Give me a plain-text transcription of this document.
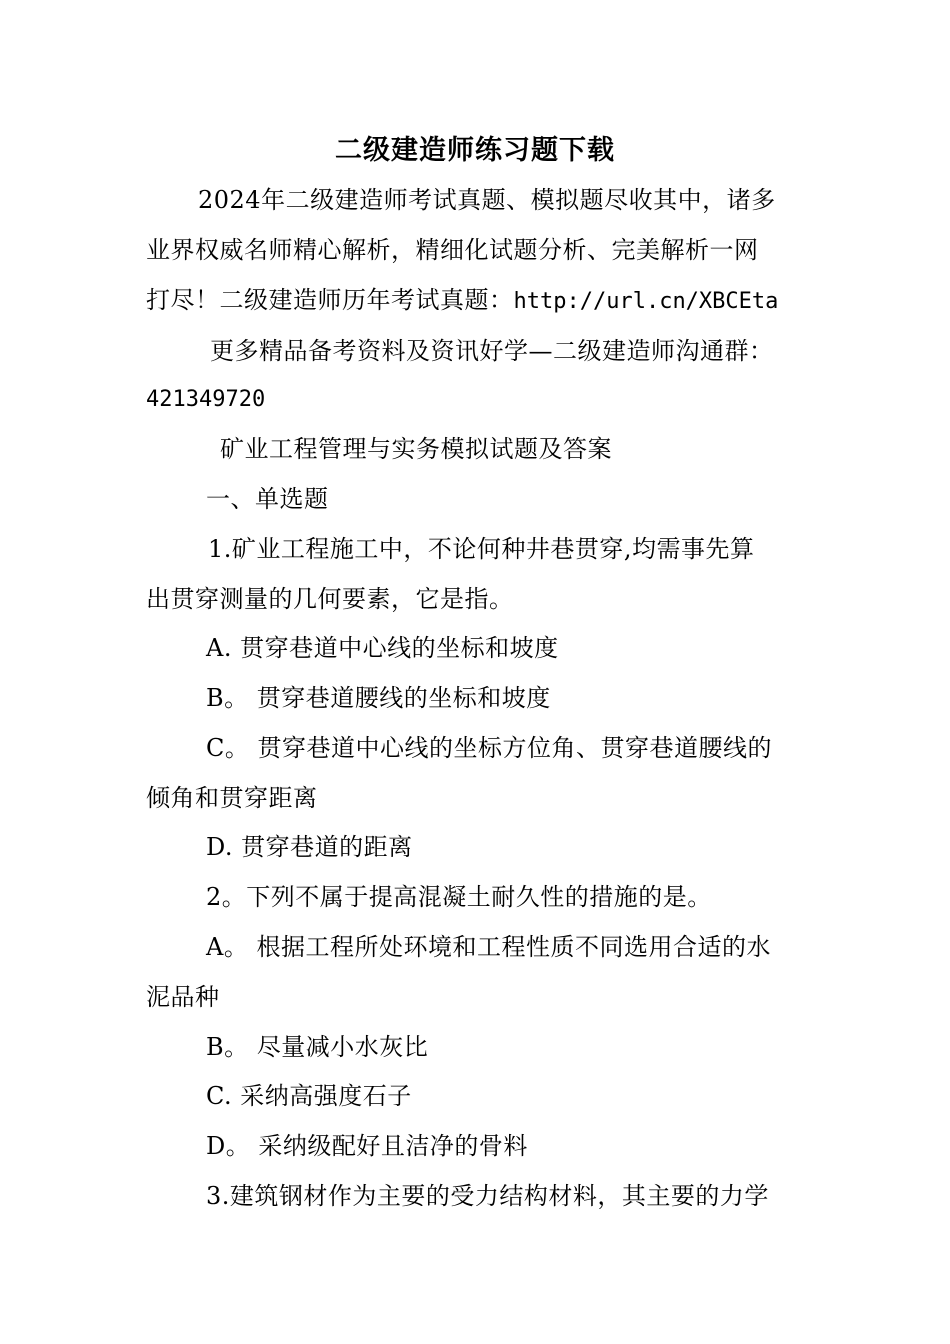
二级建造师练习题下载
2024年二级建造师考试真题、模拟题尽收其中，诸多
业界权威名师精心解析，精细化试题分析、完美解析一网
打尽！二级建造师历年考试真题：http://url.cn/XBCEta
更多精品备考资料及资讯好学—二级建造师沟通群：
421349720
矿业工程管理与实务模拟试题及答案
一、单选题
1.矿业工程施工中，不论何种井巷贯穿,均需事先算
出贯穿测量的几何要素，它是指。
A. 贯穿巷道中心线的坐标和坡度
B。 贯穿巷道腰线的坐标和坡度
C。 贯穿巷道中心线的坐标方位角、贯穿巷道腰线的
倾角和贯穿距离
D. 贯穿巷道的距离
2。下列不属于提高混凝土耐久性的措施的是。
A。 根据工程所处环境和工程性质不同选用合适的水
泥品种
B。 尽量减小水灰比
C. 采纳高强度石子
D。 采纳级配好且洁净的骨料
3.建筑钢材作为主要的受力结构材料，其主要的力学
